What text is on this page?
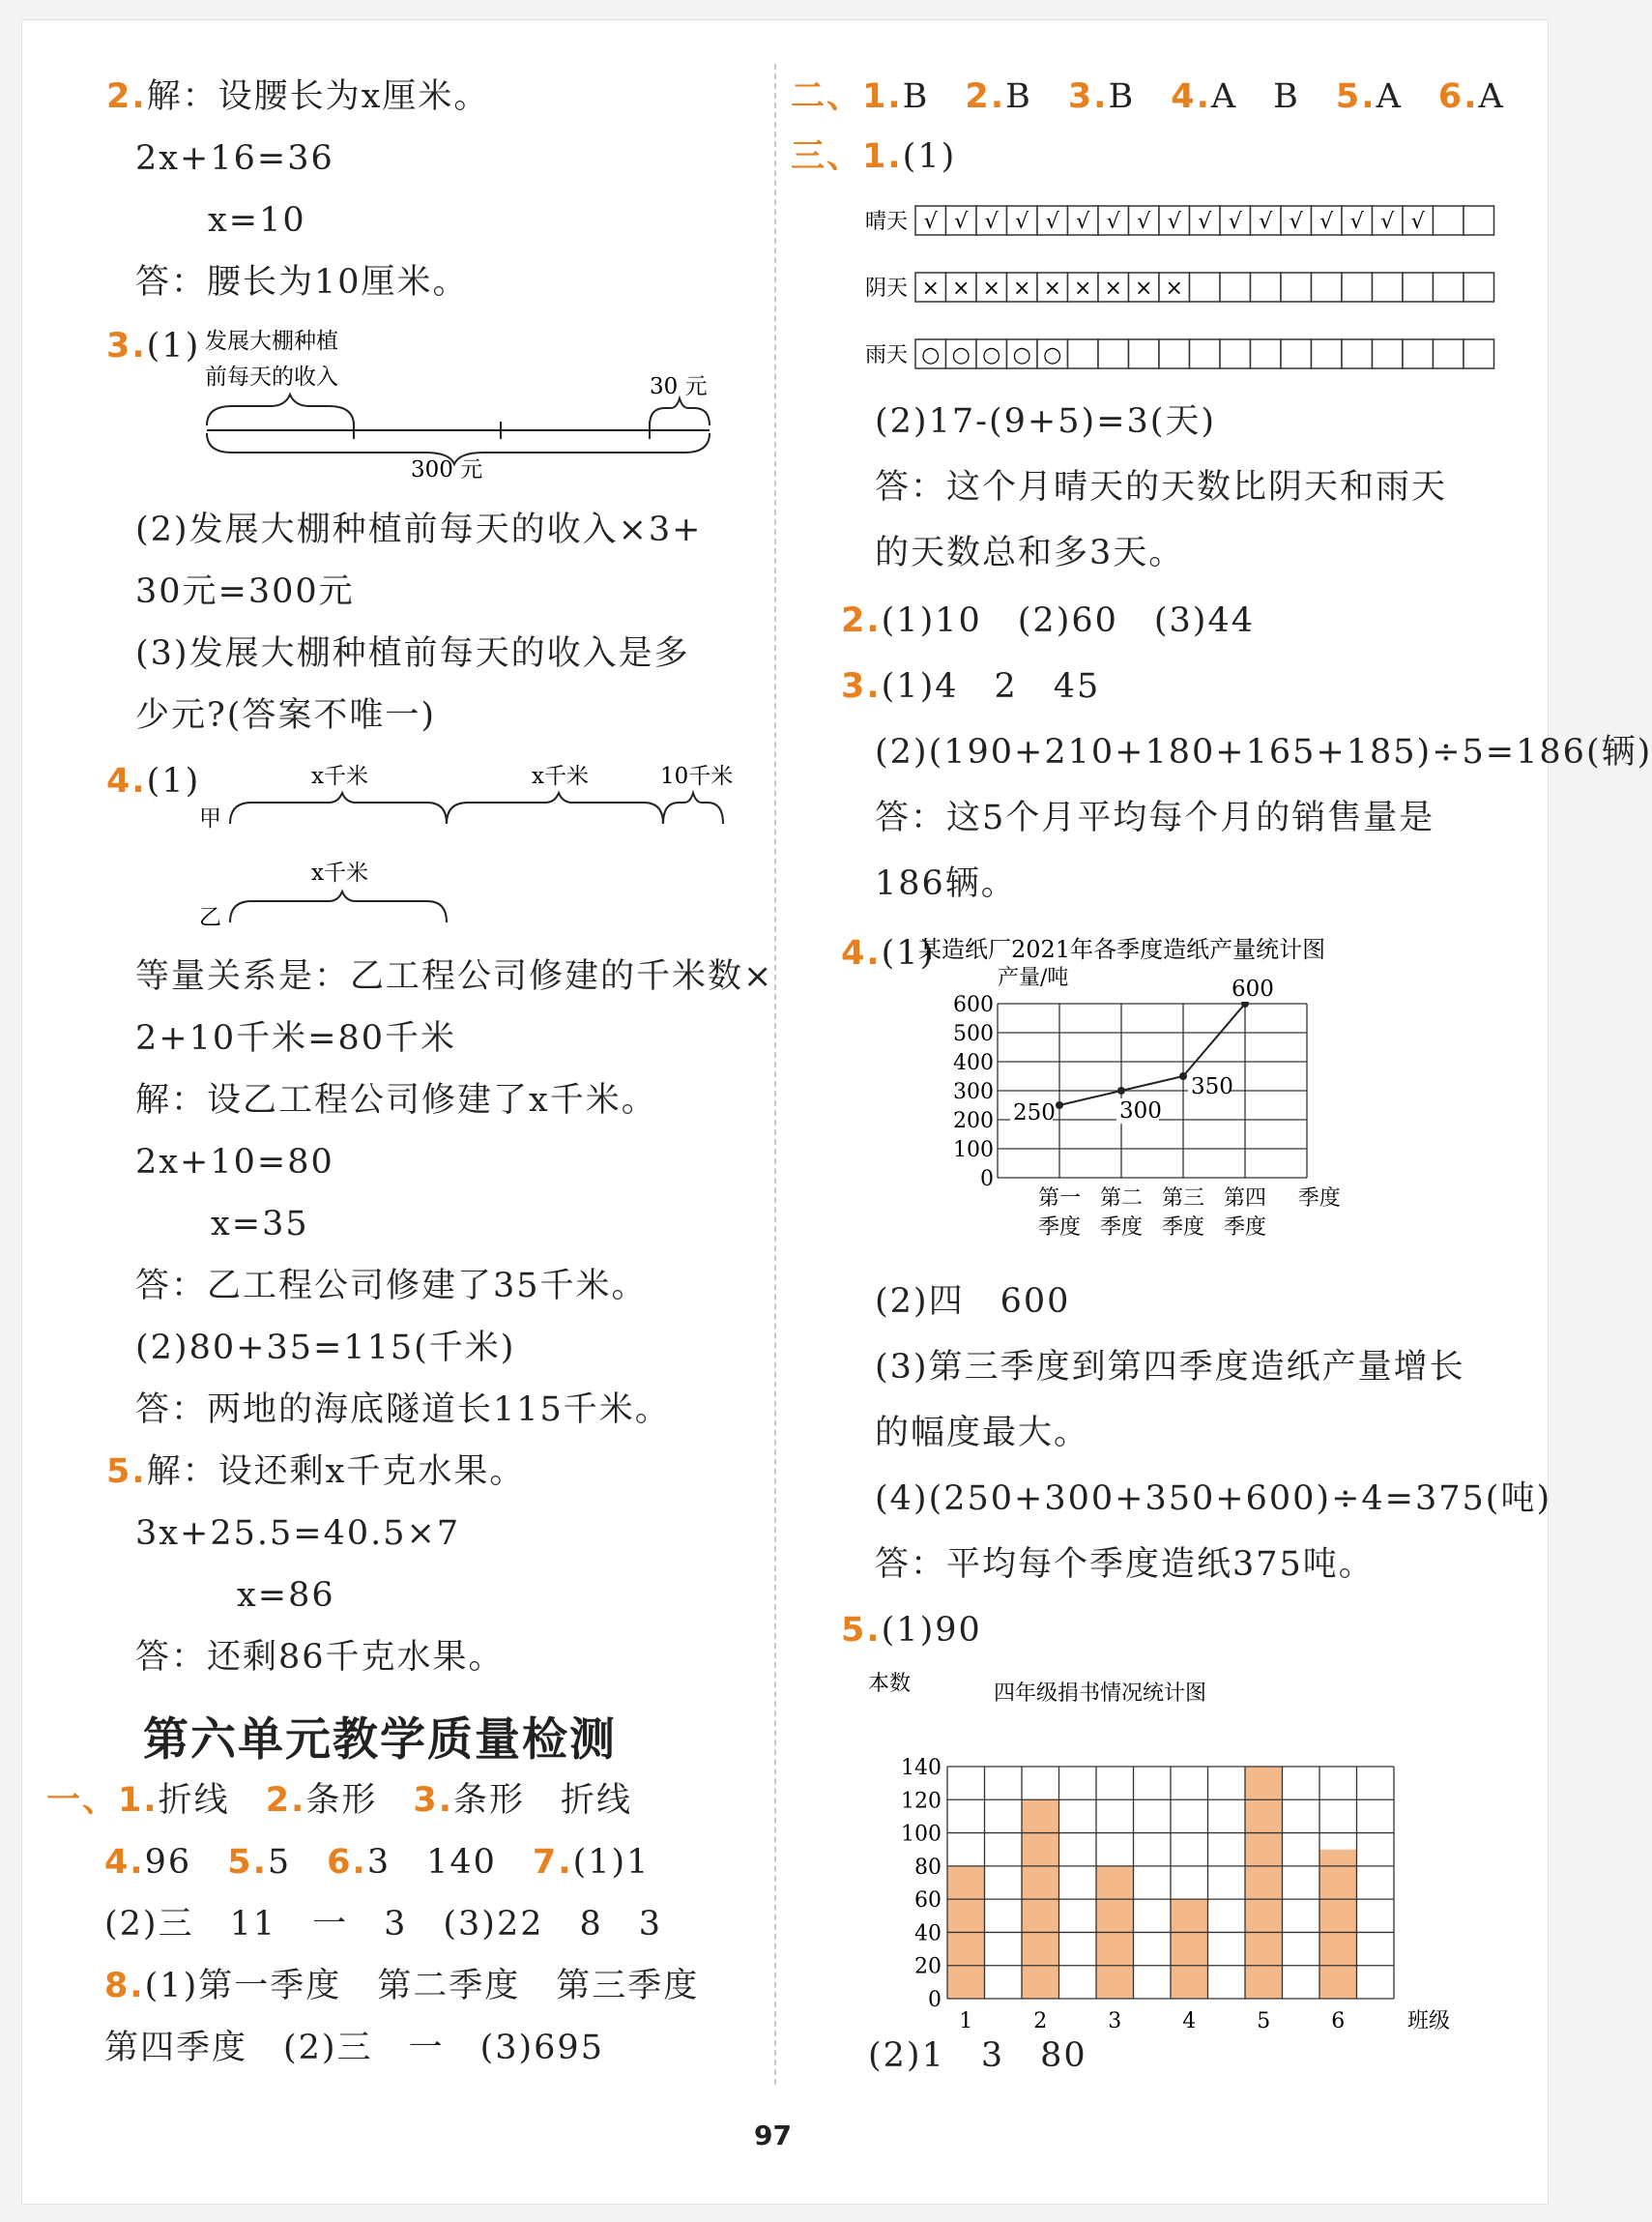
2.解：设腰长为x厘米。
2x+16=36
x=10
答：腰长为10厘米。
3.(1) 发展大棚种植
前每天的收入	30 元
300 元
(2)发展大棚种植前每天的收入×3+
30元=300元
(3)发展大棚种植前每天的收入是多
少元?(答案不唯一)
4.(1)	x千米	x千米	10千米
甲
x千米
乙
等量关系是：乙工程公司修建的千米数×
2+10千米=80千米
解：设乙工程公司修建了x千米。
2x+10=80
x=35
答：乙工程公司修建了35千米。
(2)80+35=115(千米)
答：两地的海底隧道长115千米。
5.解：设还剩x千克水果。
3x+25.5=40.5×7
x=86
答：还剩86千克水果。
第六单元教学质量检测
一、1.折线　 2.条形　 3.条形　折线
4.96　 5.5　 6.3　140　 7.(1)1
(2)三　11　一　3　(3)22　8　3
8.(1)第一季度　第二季度　第三季度
第四季度　(2)三　一　(3)695
二、1.B　 2.B　 3.B　 4.A　B　 5.A　 6.A
三、1.(1)
晴天 √ √ √ √ √ √ √ √ √ √ √ √ √ √ √ √ √
阴天 × × × × × × × × ×
雨天 ○ ○ ○ ○ ○
(2)17-(9+5)=3(天)
答：这个月晴天的天数比阴天和雨天
的天数总和多3天。
2.(1)10　(2)60　(3)44
3.(1)4　2　45
(2)(190+210+180+165+185)÷5=186(辆)
答：这5个月平均每个月的销售量是
186辆。
4.(1)
某造纸厂2021年各季度造纸产量统计图
产量/吨
0
100
200
300
400
500
600
第一
季度
第二
季度
第三
季度
第四
季度
季度
250	300
350
600
(2)四　600
(3)第三季度到第四季度造纸产量增长
的幅度最大。
(4)(250+300+350+600)÷4=375(吨)
答：平均每个季度造纸375吨。
5.(1)90
本数	四年级捐书情况统计图
0
20
40
60
80
100
120
140
1	2	3	4	5	6	班级
(2)1　3　80
97
